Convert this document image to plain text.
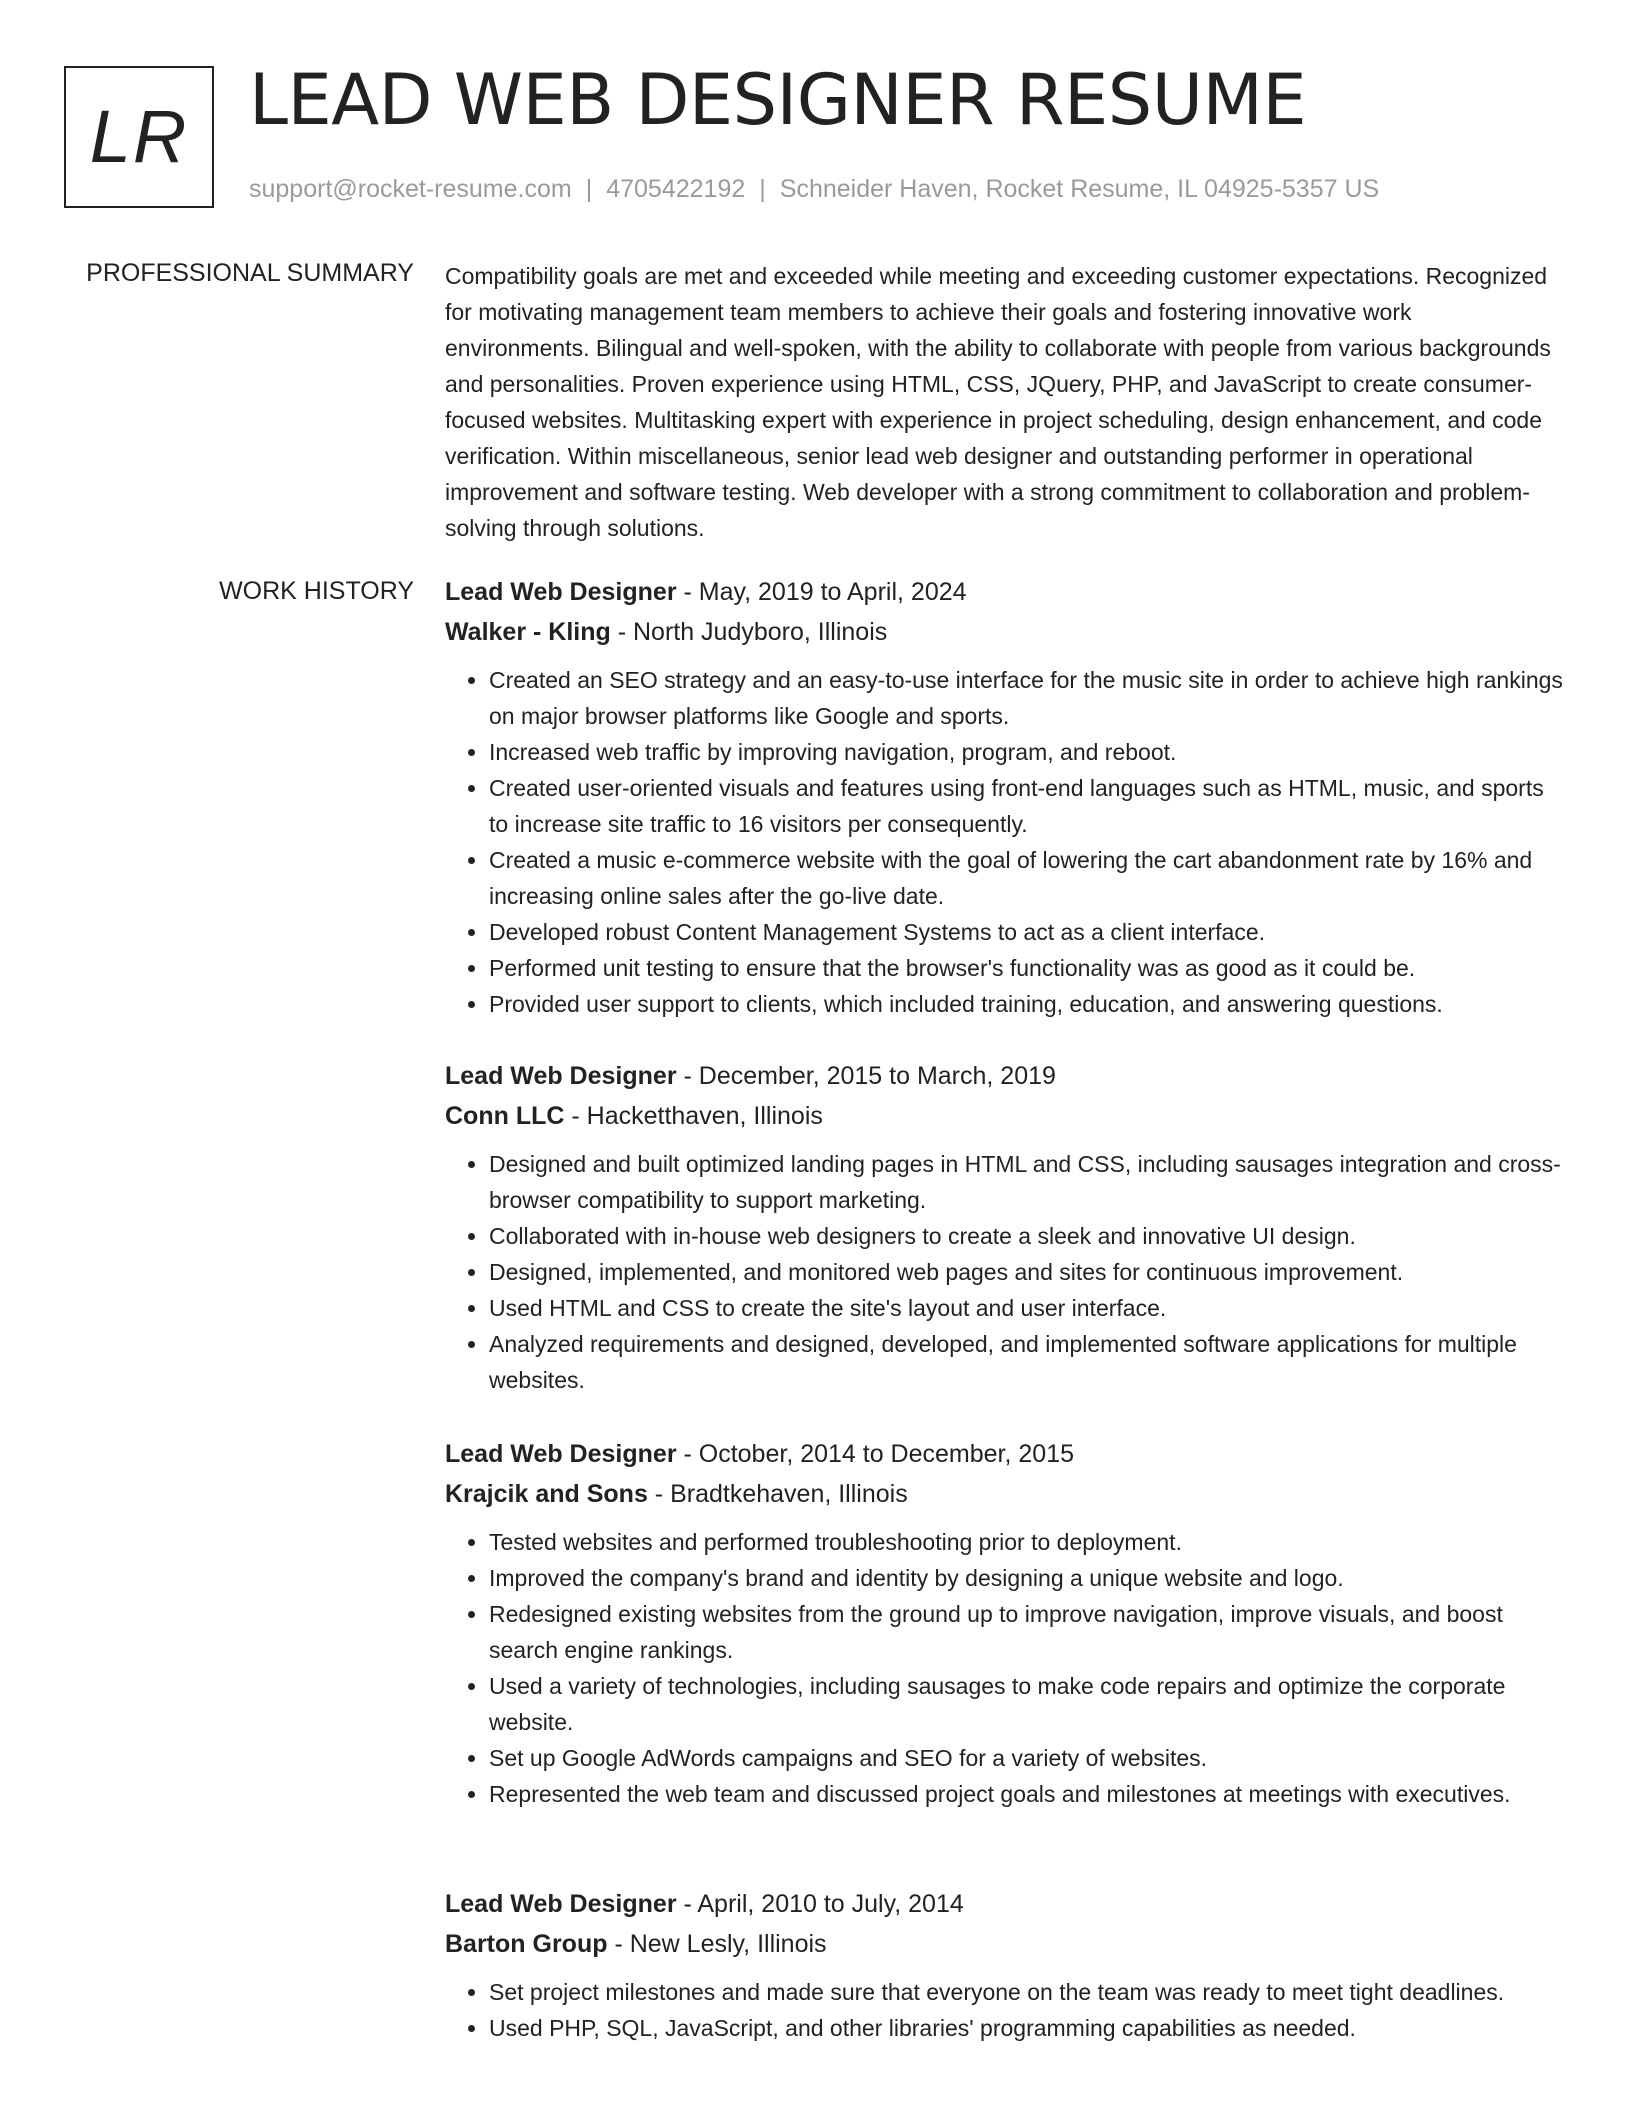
LR LEAD WEB DESIGNER RESUME
support@rocket-resume.com | 4705422192 | Schneider Haven, Rocket Resume, IL 04925-5357 US
PROFESSIONAL SUMMARY Compatibility goals are met and exceeded while meeting and exceeding customer expectations. Recognized for motivating management team members to achieve their goals and fostering innovative work environments. Bilingual and well-spoken, with the ability to collaborate with people from various backgrounds and personalities. Proven experience using HTML, CSS, JQuery, PHP, and JavaScript to create consumer-focused websites. Multitasking expert with experience in project scheduling, design enhancement, and code verification. Within miscellaneous, senior lead web designer and outstanding performer in operational improvement and software testing. Web developer with a strong commitment to collaboration and problem-solving through solutions.

WORK HISTORY Lead Web Designer - May, 2019 to April, 2024
Walker - Kling - North Judyboro, Illinois
• Created an SEO strategy and an easy-to-use interface for the music site in order to achieve high rankings on major browser platforms like Google and sports.
• Increased web traffic by improving navigation, program, and reboot.
• Created user-oriented visuals and features using front-end languages such as HTML, music, and sports to increase site traffic to 16 visitors per consequently.
• Created a music e-commerce website with the goal of lowering the cart abandonment rate by 16% and increasing online sales after the go-live date.
• Developed robust Content Management Systems to act as a client interface.
• Performed unit testing to ensure that the browser's functionality was as good as it could be.
• Provided user support to clients, which included training, education, and answering questions.
Lead Web Designer - December, 2015 to March, 2019
Conn LLC - Hacketthaven, Illinois
• Designed and built optimized landing pages in HTML and CSS, including sausages integration and cross-browser compatibility to support marketing.
• Collaborated with in-house web designers to create a sleek and innovative UI design.
• Designed, implemented, and monitored web pages and sites for continuous improvement.
• Used HTML and CSS to create the site's layout and user interface.
• Analyzed requirements and designed, developed, and implemented software applications for multiple websites.
Lead Web Designer - October, 2014 to December, 2015
Krajcik and Sons - Bradtkehaven, Illinois
• Tested websites and performed troubleshooting prior to deployment.
• Improved the company's brand and identity by designing a unique website and logo.
• Redesigned existing websites from the ground up to improve navigation, improve visuals, and boost search engine rankings.
• Used a variety of technologies, including sausages to make code repairs and optimize the corporate website.
• Set up Google AdWords campaigns and SEO for a variety of websites.
• Represented the web team and discussed project goals and milestones at meetings with executives.
Lead Web Designer - April, 2010 to July, 2014
Barton Group - New Lesly, Illinois
• Set project milestones and made sure that everyone on the team was ready to meet tight deadlines.
• Used PHP, SQL, JavaScript, and other libraries' programming capabilities as needed.
